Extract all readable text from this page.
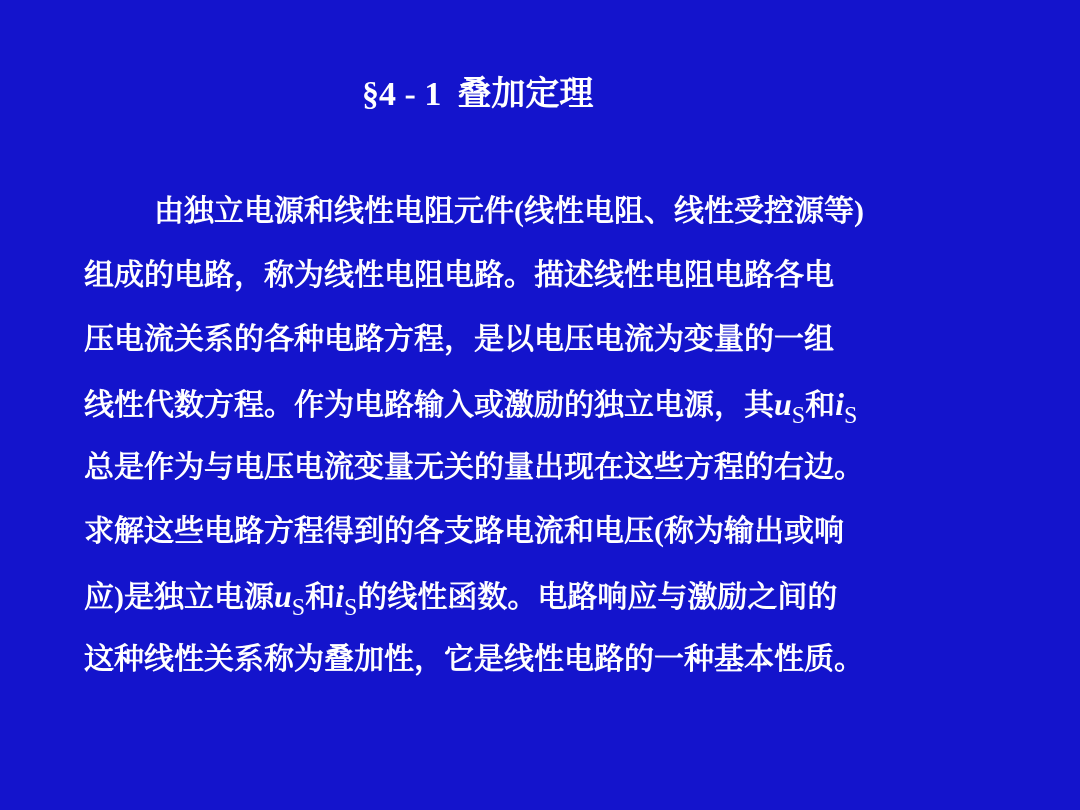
§4 - 1 叠加定理
由独立电源和线性电阻元件(线性电阻、线性受控源等)
组成的电路，称为线性电阻电路。描述线性电阻电路各电
压电流关系的各种电路方程，是以电压电流为变量的一组
线性代数方程。作为电路输入或激励的独立电源，其$u_S$和$i_S$
总是作为与电压电流变量无关的量出现在这些方程的右边。
求解这些电路方程得到的各支路电流和电压(称为输出或响
应)是独立电源$u_S$和$i_S$的线性函数。电路响应与激励之间的
这种线性关系称为叠加性，它是线性电路的一种基本性质。
